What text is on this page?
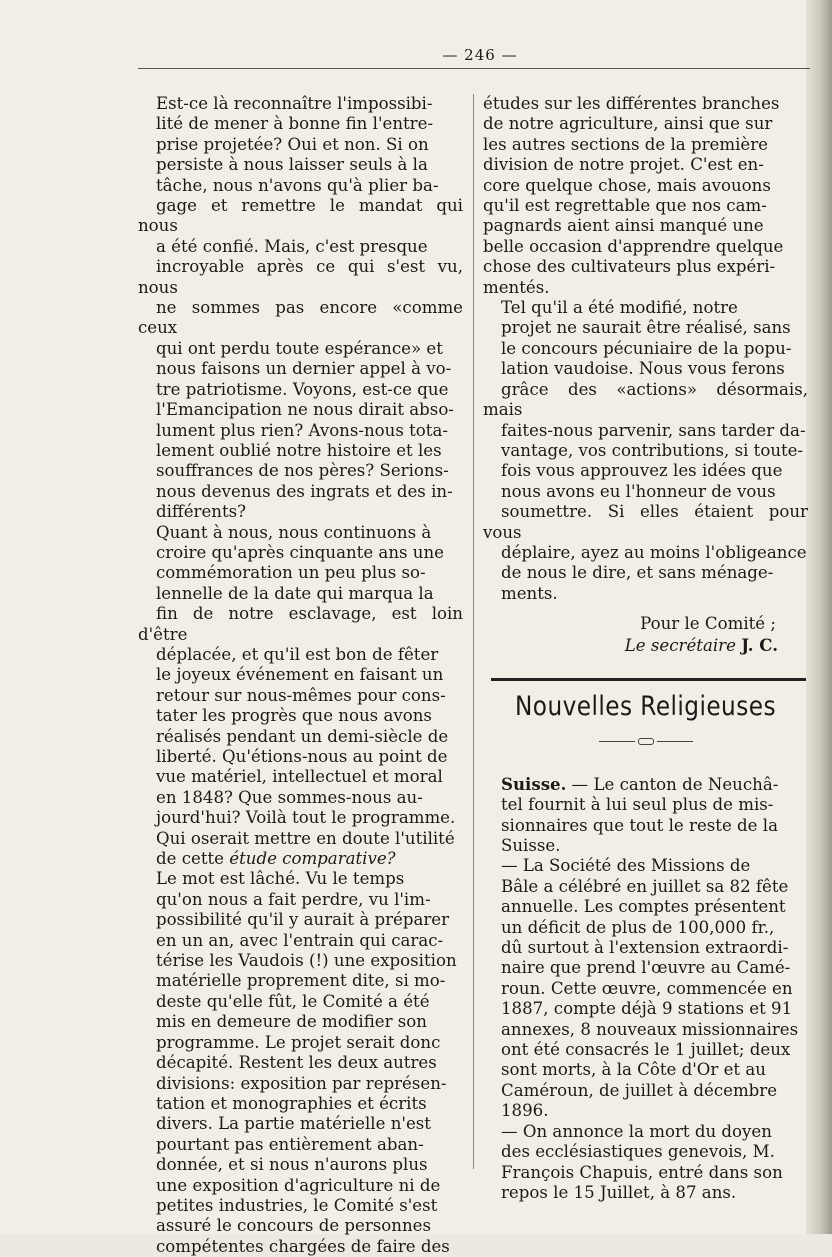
— 246 —

Est-ce là reconnaître l'impossibi-
lité de mener à bonne fin l'entre-
prise projetée? Oui et non. Si on
persiste à nous laisser seuls à la
tâche, nous n'avons qu'à plier ba-
gage et remettre le mandat qui nous
a été confié. Mais, c'est presque
incroyable après ce qui s'est vu, nous
ne sommes pas encore «comme ceux
qui ont perdu toute espérance» et
nous faisons un dernier appel à vo-
tre patriotisme. Voyons, est-ce que
l'Emancipation ne nous dirait abso-
lument plus rien? Avons-nous tota-
lement oublié notre histoire et les
souffrances de nos pères? Serions-
nous devenus des ingrats et des in-
différents?

Quant à nous, nous continuons à
croire qu'après cinquante ans une
commémoration un peu plus so-
lennelle de la date qui marqua la
fin de notre esclavage, est loin d'être
déplacée, et qu'il est bon de fêter
le joyeux événement en faisant un
retour sur nous-mêmes pour cons-
tater les progrès que nous avons
réalisés pendant un demi-siècle de
liberté. Qu'étions-nous au point de
vue matériel, intellectuel et moral
en 1848? Que sommes-nous au-
jourd'hui? Voilà tout le programme.
Qui oserait mettre en doute l'utilité
de cette étude comparative?

Le mot est lâché. Vu le temps
qu'on nous a fait perdre, vu l'im-
possibilité qu'il y aurait à préparer
en un an, avec l'entrain qui carac-
térise les Vaudois (!) une exposition
matérielle proprement dite, si mo-
deste qu'elle fût, le Comité a été
mis en demeure de modifier son
programme. Le projet serait donc
décapité. Restent les deux autres
divisions: exposition par représen-
tation et monographies et écrits
divers. La partie matérielle n'est
pourtant pas entièrement aban-
donnée, et si nous n'aurons plus
une exposition d'agriculture ni de
petites industries, le Comité s'est
assuré le concours de personnes
compétentes chargées de faire des

études sur les différentes branches
de notre agriculture, ainsi que sur
les autres sections de la première
division de notre projet. C'est en-
core quelque chose, mais avouons
qu'il est regrettable que nos cam-
pagnards aient ainsi manqué une
belle occasion d'apprendre quelque
chose des cultivateurs plus expéri-
mentés.

Tel qu'il a été modifié, notre
projet ne saurait être réalisé, sans
le concours pécuniaire de la popu-
lation vaudoise. Nous vous ferons
grâce des «actions» désormais, mais
faites-nous parvenir, sans tarder da-
vantage, vos contributions, si toute-
fois vous approuvez les idées que
nous avons eu l'honneur de vous
soumettre. Si elles étaient pour vous
déplaire, ayez au moins l'obligeance
de nous le dire, et sans ménage-
ments.

Pour le Comité ;
Le secrétaire J. C.
Nouvelles Religieuses

Suisse. — Le canton de Neuchâ-
tel fournit à lui seul plus de mis-
sionnaires que tout le reste de la
Suisse.

— La Société des Missions de
Bâle a célébré en juillet sa 82 fête
annuelle. Les comptes présentent
un déficit de plus de 100,000 fr.,
dû surtout à l'extension extraordi-
naire que prend l'œuvre au Camé-
roun. Cette œuvre, commencée en
1887, compte déjà 9 stations et 91
annexes, 8 nouveaux missionnaires
ont été consacrés le 1 juillet; deux
sont morts, à la Côte d'Or et au
Caméroun, de juillet à décembre
1896.

— On annonce la mort du doyen
des ecclésiastiques genevois, M.
François Chapuis, entré dans son
repos le 15 Juillet, à 87 ans.
